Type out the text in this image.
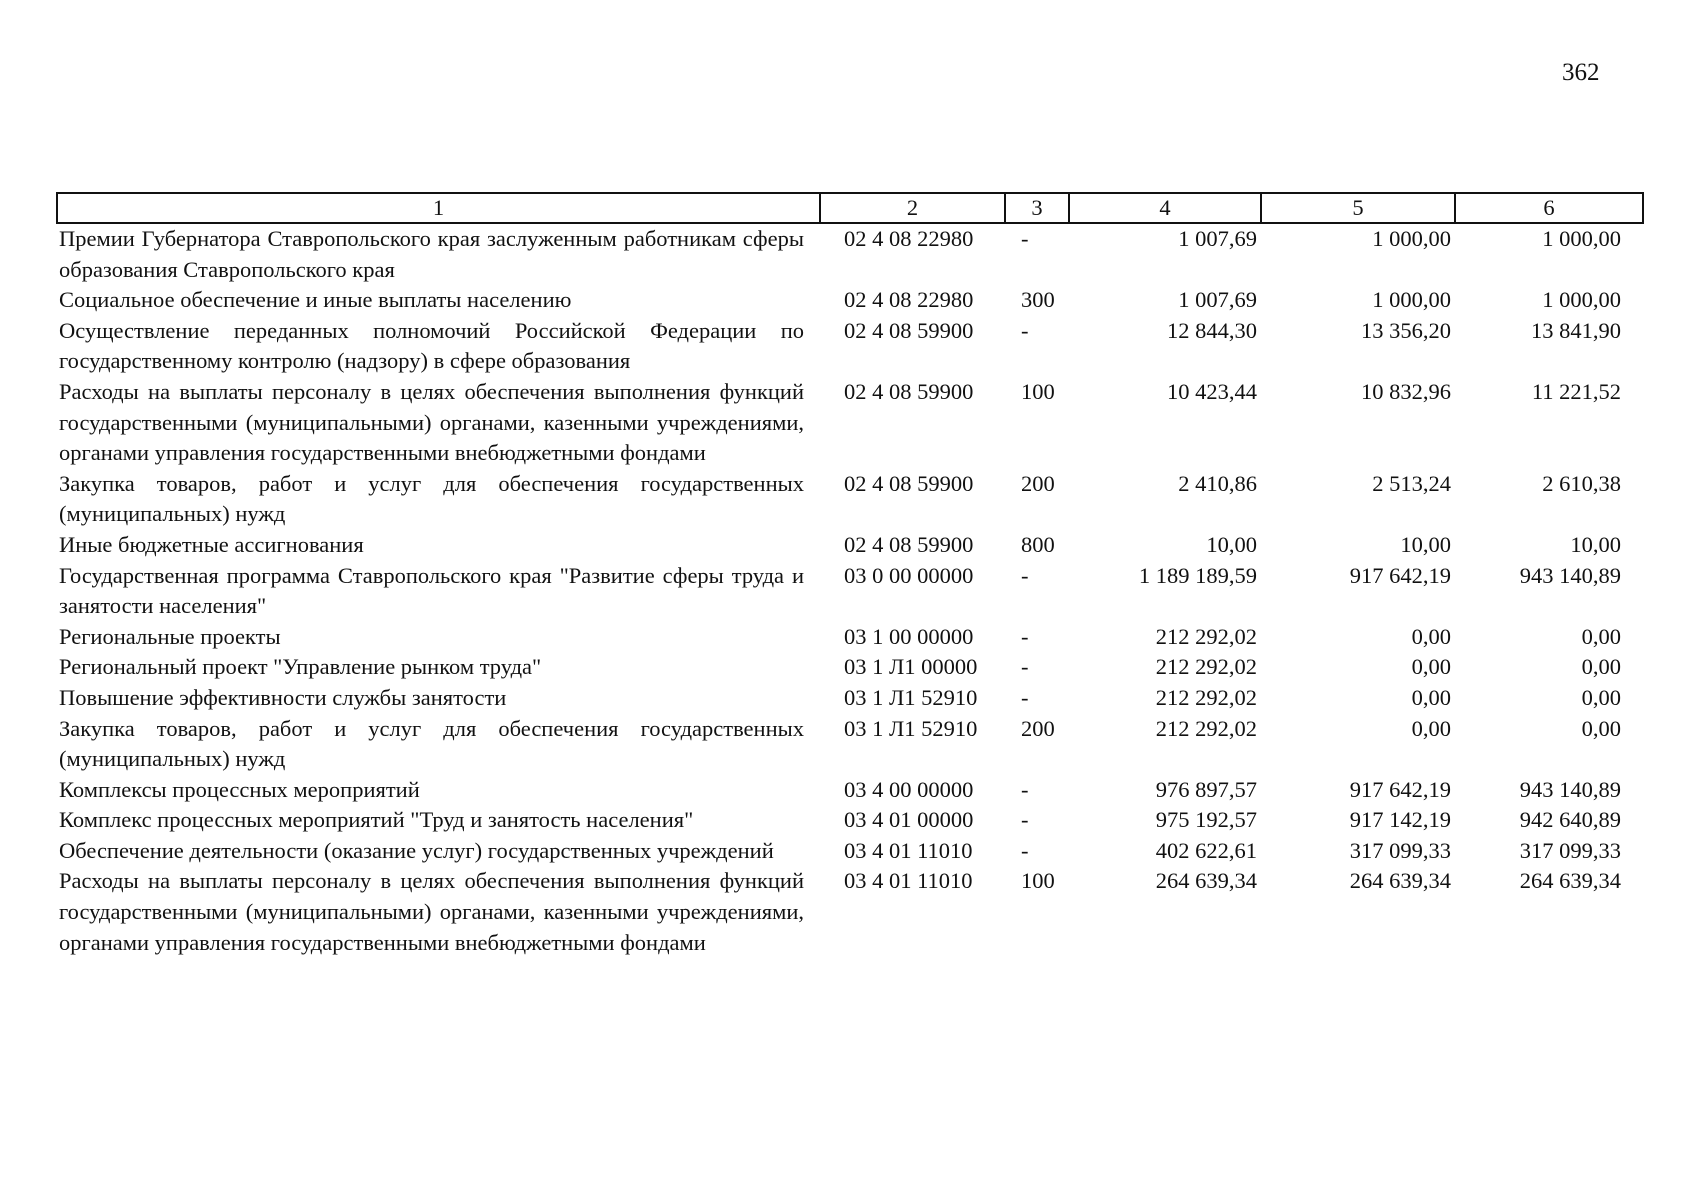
362
1	2	3	4	5	6
Премии Губернатора Ставропольского края заслуженным работникам сферы образования Ставропольского края	02 4 08 22980	-	1 007,69	1 000,00	1 000,00
Социальное обеспечение и иные выплаты населению	02 4 08 22980	300	1 007,69	1 000,00	1 000,00
Осуществление переданных полномочий Российской Федерации по государственному контролю (надзору) в сфере образования	02 4 08 59900	-	12 844,30	13 356,20	13 841,90
Расходы на выплаты персоналу в целях обеспечения выполнения функций государственными (муниципальными) органами, казенными учреждениями, органами управления государственными внебюджетными фондами	02 4 08 59900	100	10 423,44	10 832,96	11 221,52
Закупка товаров, работ и услуг для обеспечения государственных (муниципальных) нужд	02 4 08 59900	200	2 410,86	2 513,24	2 610,38
Иные бюджетные ассигнования	02 4 08 59900	800	10,00	10,00	10,00
Государственная программа Ставропольского края "Развитие сферы труда и занятости населения"	03 0 00 00000	-	1 189 189,59	917 642,19	943 140,89
Региональные проекты	03 1 00 00000	-	212 292,02	0,00	0,00
Региональный проект "Управление рынком труда"	03 1 Л1 00000	-	212 292,02	0,00	0,00
Повышение эффективности службы занятости	03 1 Л1 52910	-	212 292,02	0,00	0,00
Закупка товаров, работ и услуг для обеспечения государственных (муниципальных) нужд	03 1 Л1 52910	200	212 292,02	0,00	0,00
Комплексы процессных мероприятий	03 4 00 00000	-	976 897,57	917 642,19	943 140,89
Комплекс процессных мероприятий "Труд и занятость населения"	03 4 01 00000	-	975 192,57	917 142,19	942 640,89
Обеспечение деятельности (оказание услуг) государственных учреждений	03 4 01 11010	-	402 622,61	317 099,33	317 099,33
Расходы на выплаты персоналу в целях обеспечения выполнения функций государственными (муниципальными) органами, казенными учреждениями, органами управления государственными внебюджетными фондами	03 4 01 11010	100	264 639,34	264 639,34	264 639,34
